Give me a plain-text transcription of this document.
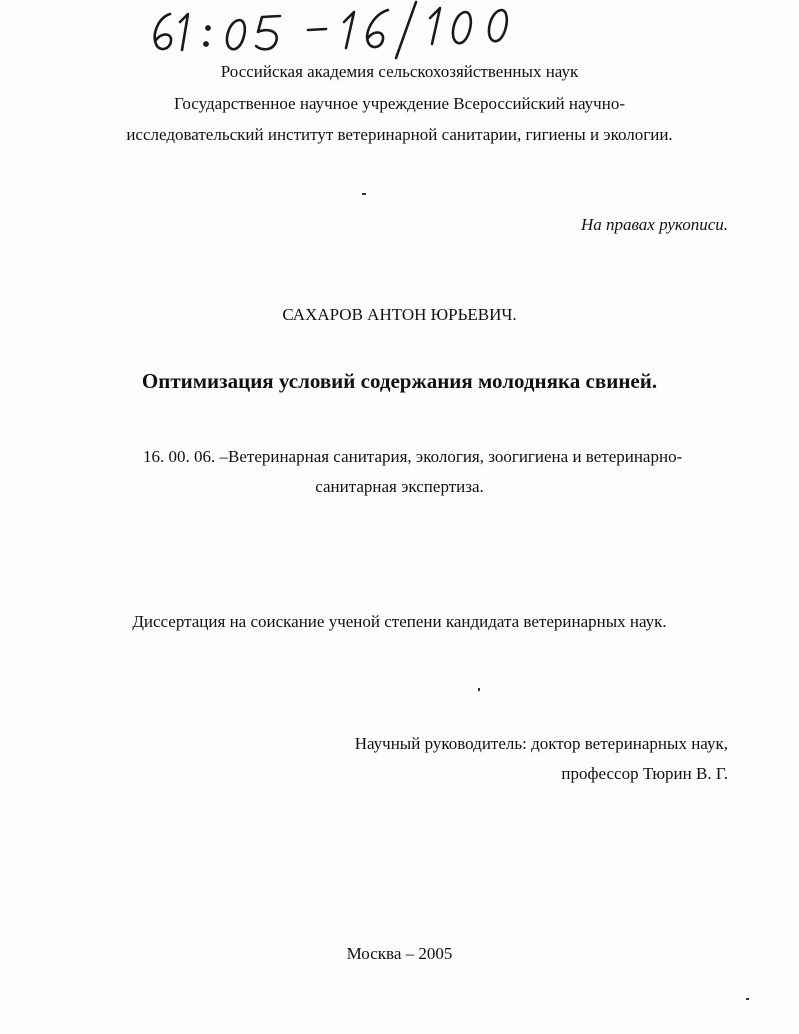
Российская академия сельскохозяйственных наук
Государственное научное учреждение Всероссийский научно-
исследовательский институт ветеринарной санитарии, гигиены и экологии.
На правах рукописи.
САХАРОВ АНТОН ЮРЬЕВИЧ.
Оптимизация условий содержания молодняка свиней.
16. 00. 06. –Ветеринарная санитария, экология, зоогигиена и ветеринарно-
санитарная экспертиза.
Диссертация на соискание ученой степени кандидата ветеринарных наук.
Научный руководитель: доктор ветеринарных наук,
профессор Тюрин В. Г.
Москва – 2005
